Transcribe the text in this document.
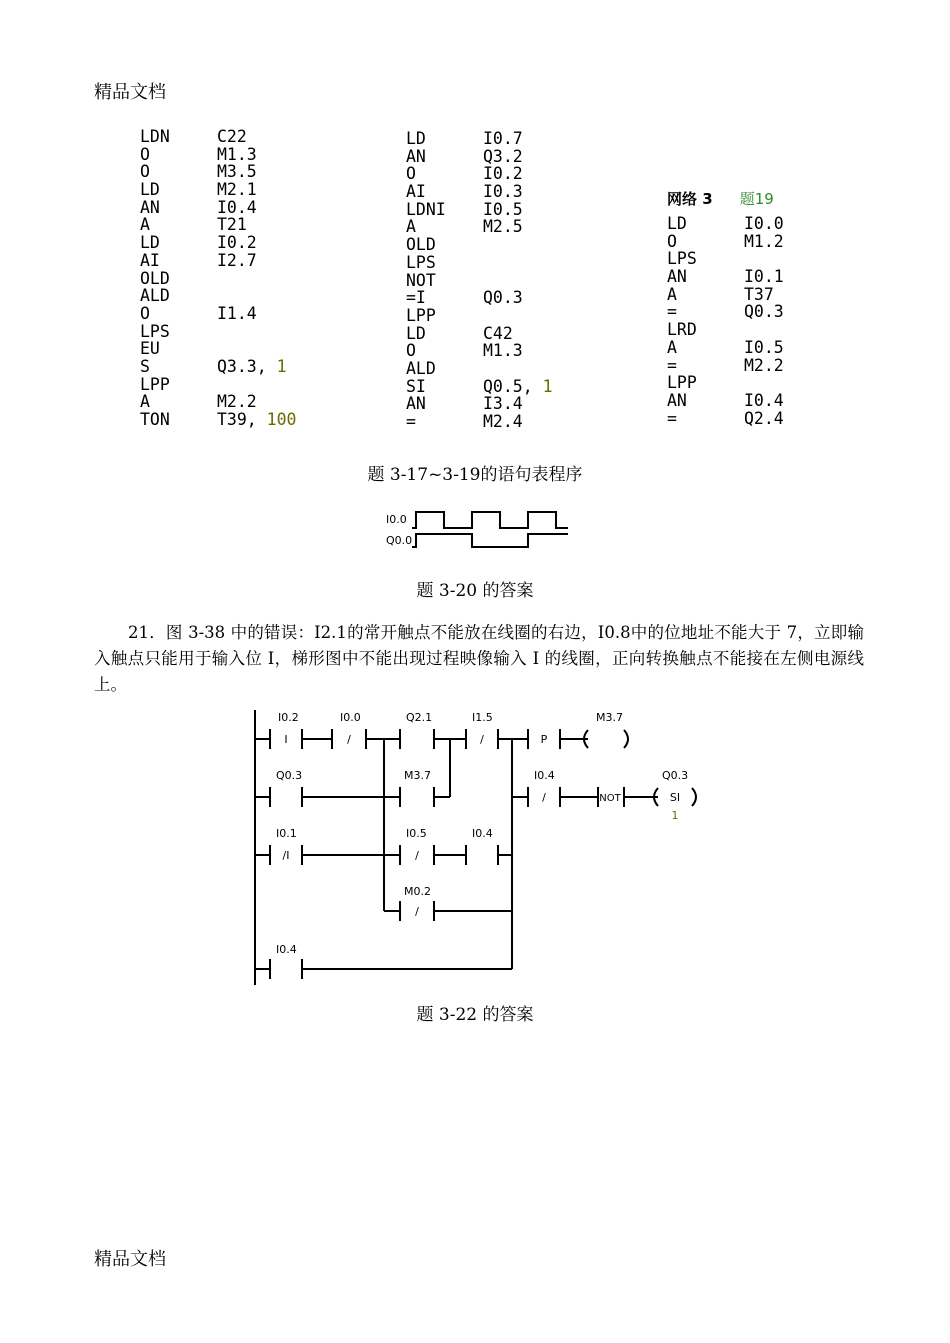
精品文档
LDN	C22
O	M1.3
O	M3.5
LD	M2.1
AN	I0.4
A	T21
LD	I0.2
AI	I2.7
OLD
ALD
O	I1.4
LPS
EU
S	Q3.3, 1
LPP
A	M2.2
TON	T39, 100
LD	I0.7
AN	Q3.2
O	I0.2
AI	I0.3
LDNI	I0.5
A	M2.5
OLD
LPS
NOT
=I	Q0.3
LPP
LD	C42
O	M1.3
ALD
SI	Q0.5, 1
AN	I3.4
=	M2.4
网络 3 题19
LD	I0.0
O	M1.2
LPS
AN	I0.1
A	T37
=	Q0.3
LRD
A	I0.5
=	M2.2
LPP
AN	I0.4
=	Q2.4
题 3-17~3-19的语句表程序
I0.0
Q0.0
题 3-20 的答案
21．图 3-38 中的错误：I2.1的常开触点不能放在线圈的右边，I0.8中的位地址不能大于 7，立即输入触点只能用于输入位 I，梯形图中不能出现过程映像输入 I 的线圈，正向转换触点不能接在左侧电源线上。
I0.2	I0.0	Q2.1	I1.5	M3.7
Q0.3	M3.7	I0.4	Q0.3
I0.1	I0.5	I0.4
M0.2
I0.4
I	/	/	P
/	NOT	SI
1
/I	/
/
题 3-22 的答案
精品文档
